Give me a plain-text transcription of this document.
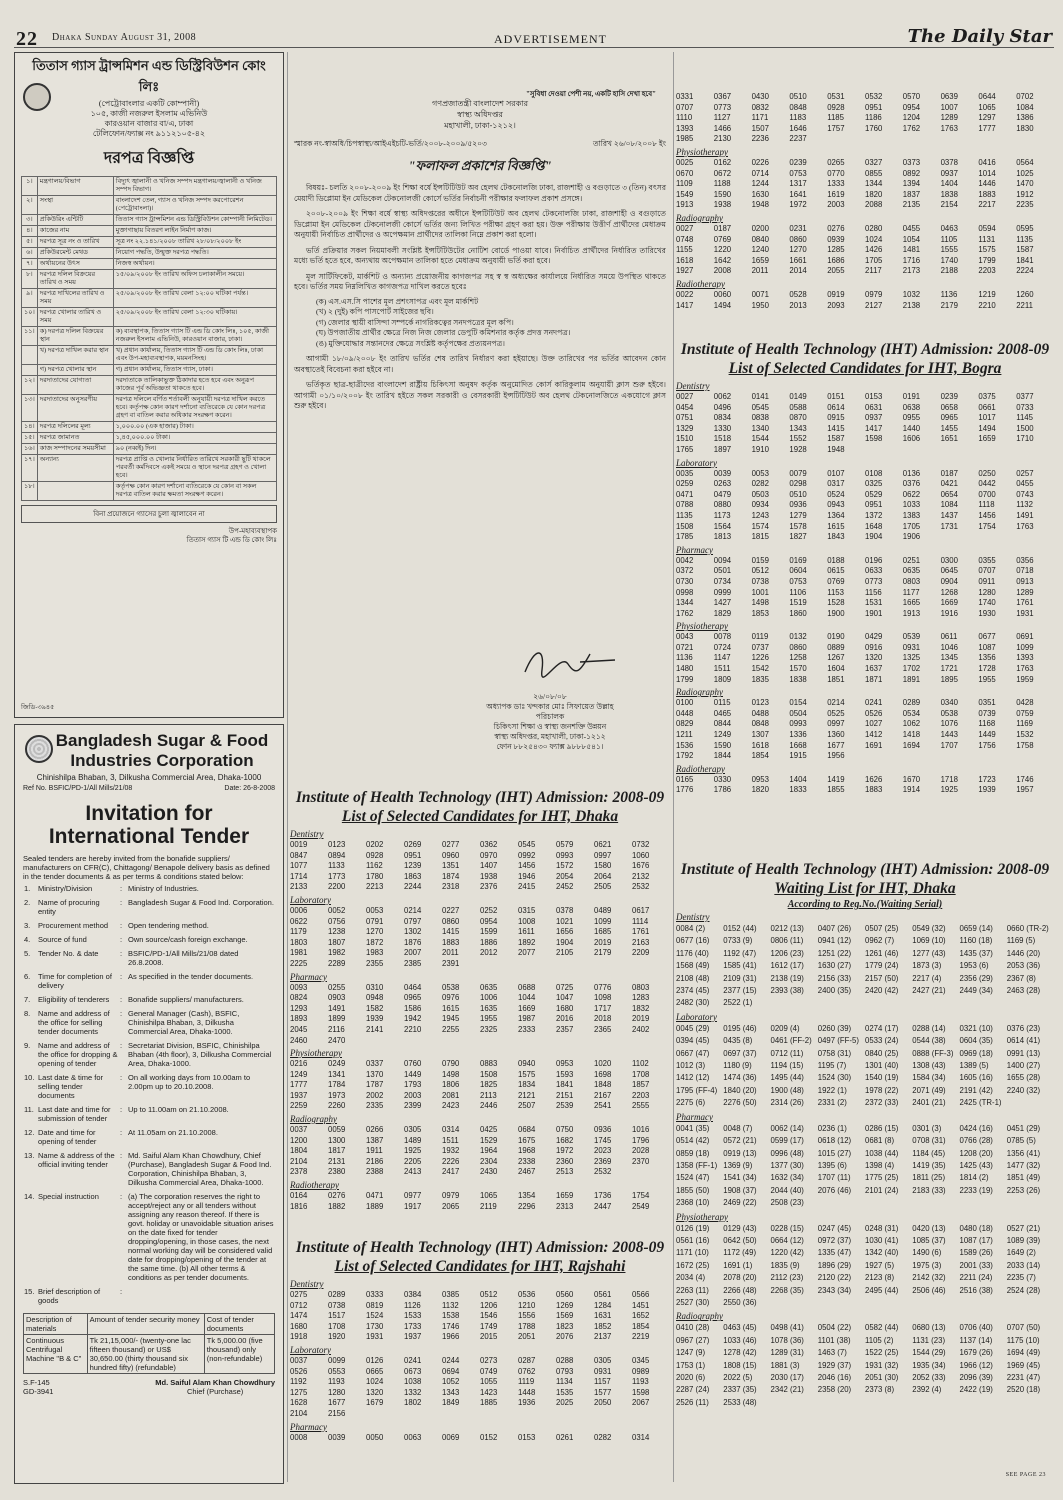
22 Dhaka Sunday August 31, 2008	ADVERTISEMENT	The Daily Star
তিতাস গ্যাস ট্রান্সমিশন এন্ড ডিস্ট্রিবিউশন কোং লিঃ
(পেট্রোবাংলার একটি কোম্পানী)
১০৫, কাজী নজরুল ইসলাম এভিনিউ
কারওয়ান বাজার বা/এ, ঢাকা
টেলিফোন/ফ্যাক্স নং ৯১১২১০৫-৪২
দরপত্র বিজ্ঞপ্তি
১।	মন্ত্রণালয়/বিভাগ	বিদ্যুৎ জ্বালানী ও খনিজ সম্পদ মন্ত্রণালয়/জ্বালানী ও খনিজ সম্পদ বিভাগ।
২।	সংস্থা	বাংলাদেশ তেল, গ্যাস ও খনিজ সম্পদ করপোরেশন (পেট্রোবাংলা)।
৩।	প্রকিউরিং এন্টিটি	তিতাস গ্যাস ট্রান্সমিশন এন্ড ডিস্ট্রিবিউশন কোম্পানী লিমিটেড।
৪।	কাজের নাম	মুক্তাগাছায় বিতরণ লাইন নির্মাণ কাজ।
৫।	দরপত্র সূত্র নং ও তারিখ	সূত্র নং ২২.১৪১/২০০৮ তারিখ ২৮/০৮/২০০৮ ইং
৬।	প্রকিউরমেন্ট মেথড	নিয়োগ পদ্ধতি, উন্মুক্ত দরপত্র পদ্ধতি।
৭।	অর্থায়নের উৎস	নিজস্ব অর্থায়ন।
৮।	দরপত্র দলিল বিক্রয়ের তারিখ ও সময়	১৫/০৯/২০০৮ ইং তারিখ অফিস চলাকালীন সময়ে।
৯।	দরপত্র দাখিলের তারিখ ও সময়	২৫/০৯/২০০৮ ইং তারিখ বেলা ১২:০০ ঘটিকা পর্যন্ত।
১০।	দরপত্র খোলার তারিখ ও সময়	২৫/০৯/২০০৮ ইং তারিখ বেলা ১২:৩০ ঘটিকায়।
১১।	ক) দরপত্র দলিল বিক্রয়ের স্থান	ক) ব্যবস্থাপক, তিতাস গ্যাস টি এন্ড ডি কোং লিঃ, ১০৫, কাজী নজরুল ইসলাম এভিনিউ, কারওয়ান বাজার, ঢাকা।
	খ) দরপত্র দাখিল করার স্থান	খ) প্রধান কার্যালয়, তিতাস গ্যাস টি এন্ড ডি কোং লিঃ, ঢাকা এবং উপ-মহাব্যবস্থাপক, ময়মনসিংহ।
	গ) দরপত্র খোলার স্থান	গ) প্রধান কার্যালয়, তিতাস গ্যাস, ঢাকা।
১২।	দরদাতাদের যোগ্যতা	দরদাতাকে তালিকাভুক্ত ঠিকাদার হতে হবে এবং অনুরূপ কাজের পূর্ব অভিজ্ঞতা থাকতে হবে।
১৩।	দরদাতাদের অনুসরণীয়	দরপত্র দলিলে বর্ণিত শর্তাবলী অনুযায়ী দরপত্র দাখিল করতে হবে। কর্তৃপক্ষ কোন কারণ দর্শানো ব্যতিরেকে যে কোন দরপত্র গ্রহণ বা বাতিল করার অধিকার সংরক্ষণ করেন।
১৪।	দরপত্র দলিলের মূল্য	১,০০০.০০ (এক হাজার) টাকা।
১৫।	দরপত্র জামানত	১,৪৫,০০০.০০ টাকা।
১৬।	কাজ সম্পাদনের সময়সীমা	৯০ (নব্বই) দিন।
১৭।	অন্যান্য	দরপত্র প্রাপ্তি ও খোলার নির্ধারিত তারিখে সরকারী ছুটি থাকলে পরবর্তী কর্মদিবসে একই সময়ে ও স্থানে দরপত্র গ্রহণ ও খোলা হবে।
১৮।		কর্তৃপক্ষ কোন কারণ দর্শানো ব্যতিরেকে যে কোন বা সকল দরপত্র বাতিল করার ক্ষমতা সংরক্ষণ করেন।
বিনা প্রয়োজনে গ্যাসের চুলা জ্বালাবেন না
উপ-মহাব্যবস্থাপক
তিতাস গ্যাস টি এন্ড ডি কোং লিঃ
জিডি-৩৯৪৫
Bangladesh Sugar & Food Industries Corporation
Chinishilpa Bhaban, 3, Dilkusha Commercial Area, Dhaka-1000
Ref No. BSFIC/PD-1/All Mills/21/08	Date: 26-8-2008
Invitation for International Tender
Sealed tenders are hereby invited from the bonafide suppliers/ manufacturers on CFR(C), Chittagong/ Benapole delivery basis as defined in the tender documents & as per terms & conditions stated below:
1.	Ministry/Division	:	Ministry of Industries.
2.	Name of procuring entity	:	Bangladesh Sugar & Food Ind. Corporation.
3.	Procurement method	:	Open tendering method.
4.	Source of fund	:	Own source/cash foreign exchange.
5.	Tender No. & date	:	BSFIC/PD-1/All Mills/21/08 dated 26.8.2008.
6.	Time for completion of delivery	:	As specified in the tender documents.
7.	Eligibility of tenderers	:	Bonafide suppliers/ manufacturers.
8.	Name and address of the office for selling tender documents	:	General Manager (Cash), BSFIC, Chinishilpa Bhaban, 3, Dilkusha Commercial Area, Dhaka-1000.
9.	Name and address of the office for dropping & opening of tender	:	Secretariat Division, BSFIC, Chinishilpa Bhaban (4th floor), 3, Dilkusha Commercial Area, Dhaka-1000.
10.	Last date & time for selling tender documents	:	On all working days from 10.00am to 2.00pm up to 20.10.2008.
11.	Last date and time for submission of tender	:	Up to 11.00am on 21.10.2008.
12.	Date and time for opening of tender	:	At 11.05am on 21.10.2008.
13.	Name & address of the official inviting tender	:	Md. Saiful Alam Khan Chowdhury, Chief (Purchase), Bangladesh Sugar & Food Ind. Corporation, Chinishilpa Bhaban, 3, Dilkusha Commercial Area, Dhaka-1000.
14.	Special instruction	:	(a) The corporation reserves the right to accept/reject any or all tenders without assigning any reason thereof. If there is govt. holiday or unavoidable situation arises on the date fixed for tender dropping/opening, in those cases, the next normal working day will be considered valid date for dropping/opening of the tender at the same time. (b) All other terms & conditions as per tender documents.
15.	Brief description of goods	:	
Description of materials	Amount of tender security money	Cost of tender documents
Continuous Centrifugal Machine "B & C"	Tk 21,15,000/- (twenty-one lac fifteen thousand) or US$ 30,650.00 (thirty thousand six hundred fifty) (refundable)	Tk 5,000.00 (five thousand) only (non-refundable)
S.F-145
GD-3941
Md. Saiful Alam Khan Chowdhury
Chief (Purchase)
"সুবিধা দেওয়া পেশী নয়, একটি হাসি দেখা হবে"
গণপ্রজাতন্ত্রী বাংলাদেশ সরকার
স্বাস্থ্য অধিদপ্তর
মহাখালী, ঢাকা-১২১২।
স্মারক নং-স্বাঅধি/চিপস্বাস্থ্য/আইএইচটি-ভর্তি/২০০৮-২০০৯/৫২০৩	তারিখ ২৬/০৮/২০০৮ ইং
"ফলাফল প্রকাশের বিজ্ঞপ্তি"

বিষয়ঃ- চলতি ২০০৮-২০০৯ ইং শিক্ষা বর্ষে ইন্সটিটিউট অব হেলথ টেকনোলজি ঢাকা, রাজশাহী ও বগুড়াতে ৩ (তিন) বৎসর মেয়াদী ডিপ্লোমা ইন মেডিকেল টেকনোলজী কোর্সে ভর্তির নির্বাচনী পরীক্ষার ফলাফল প্রকাশ প্রসঙ্গে।

২০০৮-২০০৯ ইং শিক্ষা বর্ষে স্বাস্থ্য অধিদপ্তরের অধীনে ইন্সটিটিউট অব হেলথ টেকনোলজি ঢাকা, রাজশাহী ও বগুড়াতে ডিপ্লোমা ইন মেডিকেল টেকনোলজী কোর্সে ভর্তির জন্য লিখিত পরীক্ষা গ্রহণ করা হয়। উক্ত পরীক্ষায় উত্তীর্ণ প্রার্থীদের মেধাক্রম অনুযায়ী নির্বাচিত প্রার্থীদের ও অপেক্ষমান প্রার্থীদের তালিকা নিম্নে প্রকাশ করা হলো।

ভর্তি প্রক্রিয়ার সকল নিয়মাবলী সংশ্লিষ্ট ইন্সটিটিউটের নোটিশ বোর্ডে পাওয়া যাবে। নির্বাচিত প্রার্থীদের নির্ধারিত তারিখের মধ্যে ভর্তি হতে হবে, অন্যথায় অপেক্ষমান তালিকা হতে মেধাক্রম অনুযায়ী ভর্তি করা হবে।

মূল সার্টিফিকেট, মার্কশিট ও অন্যান্য প্রয়োজনীয় কাগজপত্র সহ স্ব স্ব অধ্যক্ষের কার্যালয়ে নির্ধারিত সময়ে উপস্থিত থাকতে হবে। ভর্তির সময় নিম্নলিখিত কাগজপত্র দাখিল করতে হবেঃ

(ক) এস.এস.সি পাশের মূল প্রশংসাপত্র এবং মূল মার্কশিট
(খ) ২ (দুই) কপি পাসপোর্ট সাইজের ছবি।
(গ) জেলার স্থায়ী বাসিন্দা সম্পর্কে নাগরিকত্বের সনদপত্রের মূল কপি।
(ঘ) উপজাতীয় প্রার্থীর ক্ষেত্রে নিজ নিজ জেলার ডেপুটি কমিশনার কর্তৃক প্রদত্ত সনদপত্র।
(ঙ) মুক্তিযোদ্ধার সন্তানদের ক্ষেত্রে সংশ্লিষ্ট কর্তৃপক্ষের প্রত্যয়নপত্র।

আগামী ১৮/০৯/২০০৮ ইং তারিখ ভর্তির শেষ তারিখ নির্ধারণ করা হইয়াছে। উক্ত তারিখের পর ভর্তির আবেদন কোন অবস্থাতেই বিবেচনা করা হইবে না।

ভর্তিকৃত ছাত্র-ছাত্রীদের বাংলাদেশ রাষ্ট্রীয় চিকিৎসা অনুষদ কর্তৃক অনুমোদিত কোর্স কারিকুলাম অনুযায়ী ক্লাস শুরু হইবে। আগামী ০১/১০/২০০৮ ইং তারিখ হইতে সকল সরকারী ও বেসরকারী ইন্সটিটিউট অব হেলথ টেকনোলজিতে একযোগে ক্লাস শুরু হইবে।

২৬/০৮/০৮
অধ্যাপক ডাঃ খন্দকার মোঃ সিফায়েত উল্লাহ
পরিচালক
চিকিৎসা শিক্ষা ও স্বাস্থ্য জনশক্তি উন্নয়ন
স্বাস্থ্য অধিদপ্তর, মহাখালী, ঢাকা-১২১২
ফোন ৮৮২৫৪৩০ ফ্যাক্স ৯৮৮৮৫৪১।
Institute of Health Technology (IHT) Admission: 2008-09
List of Selected Candidates for IHT, Dhaka
Dentistry
0019	0123	0202	0269	0277	0362	0545	0579	0621	0732
0847	0894	0928	0951	0960	0970	0992	0993	0997	1060
1077	1133	1162	1239	1351	1407	1456	1572	1580	1676
1714	1773	1780	1863	1874	1938	1946	2054	2064	2132
2133	2200	2213	2244	2318	2376	2415	2452	2505	2532
Laboratory
0006	0052	0053	0214	0227	0252	0315	0378	0489	0617
0622	0756	0791	0797	0860	0954	1008	1021	1099	1114
1179	1238	1270	1302	1415	1599	1611	1656	1685	1761
1803	1807	1872	1876	1883	1886	1892	1904	2019	2163
1981	1982	1983	2007	2011	2012	2077	2105	2179	2209
2225	2289	2355	2385	2391
Pharmacy
0093	0255	0310	0464	0538	0635	0688	0725	0776	0803
0824	0903	0948	0965	0976	1006	1044	1047	1098	1283
1293	1491	1582	1586	1615	1635	1669	1680	1717	1832
1893	1899	1939	1942	1945	1955	1987	2016	2018	2019
2045	2116	2141	2210	2255	2325	2333	2357	2365	2402
2460	2470
Physiotherapy
0216	0249	0337	0760	0790	0883	0940	0953	1020	1102
1249	1341	1370	1449	1498	1508	1575	1593	1698	1708
1777	1784	1787	1793	1806	1825	1834	1841	1848	1857
1937	1973	2002	2003	2081	2113	2121	2151	2167	2203
2259	2260	2335	2399	2423	2446	2507	2539	2541	2555
Radiography
0037	0059	0266	0305	0314	0425	0684	0750	0936	1016
1200	1300	1387	1489	1511	1529	1675	1682	1745	1796
1804	1817	1911	1925	1932	1964	1968	1972	2023	2028
2104	2131	2186	2205	2226	2304	2338	2360	2369	2370
2378	2380	2388	2413	2417	2430	2467	2513	2532
Radiotherapy
0164	0276	0471	0977	0979	1065	1354	1659	1736	1754
1816	1882	1889	1917	2065	2119	2296	2313	2447	2549
Institute of Health Technology (IHT) Admission: 2008-09
List of Selected Candidates for IHT, Rajshahi
Dentistry
0275	0289	0333	0384	0385	0512	0536	0560	0561	0566
0712	0738	0819	1126	1132	1206	1210	1269	1284	1451
1474	1517	1524	1533	1538	1546	1556	1569	1631	1652
1680	1708	1730	1733	1746	1749	1788	1823	1852	1854
1918	1920	1931	1937	1966	2015	2051	2076	2137	2219
Laboratory
0037	0099	0126	0241	0244	0273	0287	0288	0305	0345
0526	0553	0665	0673	0694	0749	0762	0793	0931	0989
1192	1193	1024	1038	1052	1055	1119	1134	1157	1193
1275	1280	1320	1332	1343	1423	1448	1535	1577	1598
1628	1677	1679	1802	1849	1885	1936	2025	2050	2067
2104	2156
Pharmacy
0008	0039	0050	0063	0069	0152	0153	0261	0282	0314
0331	0367	0430	0510	0531	0532	0570	0639	0644	0702
0707	0773	0832	0848	0928	0951	0954	1007	1065	1084
1110	1127	1171	1183	1185	1186	1204	1289	1297	1386
1393	1466	1507	1646	1757	1760	1762	1763	1777	1830
1985	2130	2236	2237
Physiotherapy
0025	0162	0226	0239	0265	0327	0373	0378	0416	0564
0670	0672	0714	0753	0770	0855	0892	0937	1014	1025
1109	1188	1244	1317	1333	1344	1394	1404	1446	1470
1549	1590	1630	1641	1619	1820	1837	1838	1883	1912
1913	1938	1948	1972	2003	2088	2135	2154	2217	2235
Radiography
0027	0187	0200	0231	0276	0280	0455	0463	0594	0595
0748	0769	0840	0860	0939	1024	1054	1105	1131	1135
1155	1220	1240	1270	1285	1426	1481	1555	1575	1587
1618	1642	1659	1661	1686	1705	1716	1740	1799	1841
1927	2008	2011	2014	2055	2117	2173	2188	2203	2224
Radiotherapy
0022	0060	0071	0528	0919	0979	1032	1136	1219	1260
1417	1494	1950	2013	2093	2127	2138	2179	2210	2211
Institute of Health Technology (IHT) Admission: 2008-09
List of Selected Candidates for IHT, Bogra
Dentistry
0027	0062	0141	0149	0151	0153	0191	0239	0375	0377
0454	0496	0545	0588	0614	0631	0638	0658	0661	0733
0751	0834	0838	0870	0915	0937	0955	0965	1017	1145
1329	1330	1340	1343	1415	1417	1440	1455	1494	1500
1510	1518	1544	1552	1587	1598	1606	1651	1659	1710
1765	1897	1910	1928	1948
Laboratory
0035	0039	0053	0079	0107	0108	0136	0187	0250	0257
0259	0263	0282	0298	0317	0325	0376	0421	0442	0455
0471	0479	0503	0510	0524	0529	0622	0654	0700	0743
0788	0880	0934	0936	0943	0951	1033	1084	1118	1132
1135	1173	1243	1279	1364	1372	1383	1437	1456	1491
1508	1564	1574	1578	1615	1648	1705	1731	1754	1763
1785	1813	1815	1827	1843	1904	1906
Pharmacy
0042	0094	0159	0169	0188	0196	0251	0300	0355	0356
0372	0501	0512	0604	0615	0633	0635	0645	0707	0718
0730	0734	0738	0753	0769	0773	0803	0904	0911	0913
0998	0999	1001	1106	1153	1156	1177	1268	1280	1289
1344	1427	1498	1519	1528	1531	1665	1669	1740	1761
1762	1829	1853	1860	1900	1901	1913	1916	1930	1931
Physiotherapy
0043	0078	0119	0132	0190	0429	0539	0611	0677	0691
0721	0724	0737	0860	0889	0916	0931	1046	1087	1099
1136	1147	1226	1258	1267	1320	1325	1345	1356	1393
1480	1511	1542	1570	1604	1637	1702	1721	1728	1763
1799	1809	1835	1838	1851	1871	1891	1895	1955	1959
Radiography
0100	0115	0123	0154	0214	0241	0289	0340	0351	0428
0448	0465	0488	0504	0525	0526	0534	0538	0739	0759
0829	0844	0848	0993	0997	1027	1062	1076	1168	1169
1211	1249	1307	1336	1360	1412	1418	1443	1449	1532
1536	1590	1618	1668	1677	1691	1694	1707	1756	1758
1792	1844	1854	1915	1956
Radiotherapy
0165	0330	0953	1404	1419	1626	1670	1718	1723	1746
1776	1786	1820	1833	1855	1883	1914	1925	1939	1957
Institute of Health Technology (IHT) Admission: 2008-09
Waiting List for IHT, Dhaka
According to Reg.No.(Waiting Serial)
Dentistry
0084 (2)	0152 (44)	0212 (13)	0407 (26)	0507 (25)	0549 (32)	0659 (14)	0660 (TR-2)
0677 (16)	0733 (9)	0806 (11)	0941 (12)	0962 (7)	1069 (10)	1160 (18)	1169 (5)
1176 (40)	1192 (47)	1206 (23)	1251 (22)	1261 (46)	1277 (43)	1435 (37)	1446 (20)
1568 (49)	1585 (41)	1612 (17)	1630 (27)	1779 (24)	1873 (3)	1953 (6)	2053 (36)
2108 (48)	2109 (31)	2138 (19)	2156 (33)	2157 (50)	2217 (4)	2356 (29)	2367 (8)
2374 (45)	2377 (15)	2393 (38)	2400 (35)	2420 (42)	2427 (21)	2449 (34)	2463 (28)
2482 (30)	2522 (1)
Laboratory
0045 (29)	0195 (46)	0209 (4)	0260 (39)	0274 (17)	0288 (14)	0321 (10)	0376 (23)
0394 (45)	0435 (8)	0461 (FF-2) 0497 (FF-5) 0533 (24)	0544 (38)	0604 (35)	0614 (41)
0667 (47)	0697 (37)	0712 (11)	0758 (31)	0840 (25)	0888 (FF-3) 0969 (18)	0991 (13)
1012 (3)	1180 (9)	1194 (15)	1195 (7)	1301 (40)	1308 (43)	1389 (5)	1400 (27)
1412 (12)	1474 (36)	1495 (44)	1524 (30)	1540 (19)	1584 (34)	1605 (16)	1655 (28)
1795 (FF-4) 1840 (20)	1900 (48)	1922 (1)	1978 (22)	2071 (49)	2191 (42)	2240 (32)
2275 (6)	2276 (50)	2314 (26)	2331 (2)	2372 (33)	2401 (21)	2425 (TR-1)
Pharmacy
0041 (35)	0048 (7)	0062 (14)	0236 (1)	0286 (15)	0301 (3)	0424 (16)	0451 (29)
0514 (42)	0572 (21)	0599 (17)	0618 (12)	0681 (8)	0708 (31)	0766 (28)	0785 (5)
0859 (18)	0919 (13)	0996 (48)	1015 (27)	1038 (44)	1184 (45)	1208 (20)	1356 (41)
1358 (FF-1) 1369 (9)	1377 (30)	1395 (6)	1398 (4)	1419 (35)	1425 (43)	1477 (32)
1524 (47)	1541 (34)	1632 (34)	1707 (11)	1775 (25)	1811 (25)	1814 (2)	1851 (49)
1855 (50)	1908 (37)	2044 (40)	2076 (46)	2101 (24)	2183 (33)	2233 (19)	2253 (26)
2368 (10)	2469 (22)	2508 (23)
Physiotherapy
0126 (19)	0129 (43)	0228 (15)	0247 (45)	0248 (31)	0420 (13)	0480 (18)	0527 (21)
0561 (16)	0642 (50)	0664 (12)	0972 (37)	1030 (41)	1085 (37)	1087 (17)	1089 (39)
1171 (10)	1172 (49)	1220 (42)	1335 (47)	1342 (40)	1490 (6)	1589 (26)	1649 (2)
1672 (25)	1691 (1)	1835 (9)	1896 (29)	1927 (5)	1975 (3)	2001 (33)	2033 (14)
2034 (4)	2078 (20)	2112 (23)	2120 (22)	2123 (8)	2142 (32)	2211 (24)	2235 (7)
2263 (11)	2266 (48)	2268 (35)	2343 (34)	2495 (44)	2506 (46)	2516 (38)	2524 (28)
2527 (30)	2550 (36)
Radiography
0410 (28)	0463 (45)	0498 (41)	0504 (22)	0582 (44)	0680 (13)	0706 (40)	0707 (50)
0967 (27)	1033 (46)	1078 (36)	1101 (38)	1105 (2)	1131 (23)	1137 (14)	1175 (10)
1247 (9)	1278 (42)	1289 (31)	1463 (7)	1522 (25)	1544 (29)	1679 (26)	1694 (49)
1753 (1)	1808 (15)	1881 (3)	1929 (37)	1931 (32)	1935 (34)	1966 (12)	1969 (45)
2020 (6)	2022 (5)	2030 (17)	2046 (16)	2051 (30)	2052 (33)	2096 (39)	2231 (47)
2287 (24)	2337 (35)	2342 (21)	2358 (20)	2373 (8)	2392 (4)	2422 (19)	2520 (18)
2526 (11)	2533 (48)
SEE PAGE 23
